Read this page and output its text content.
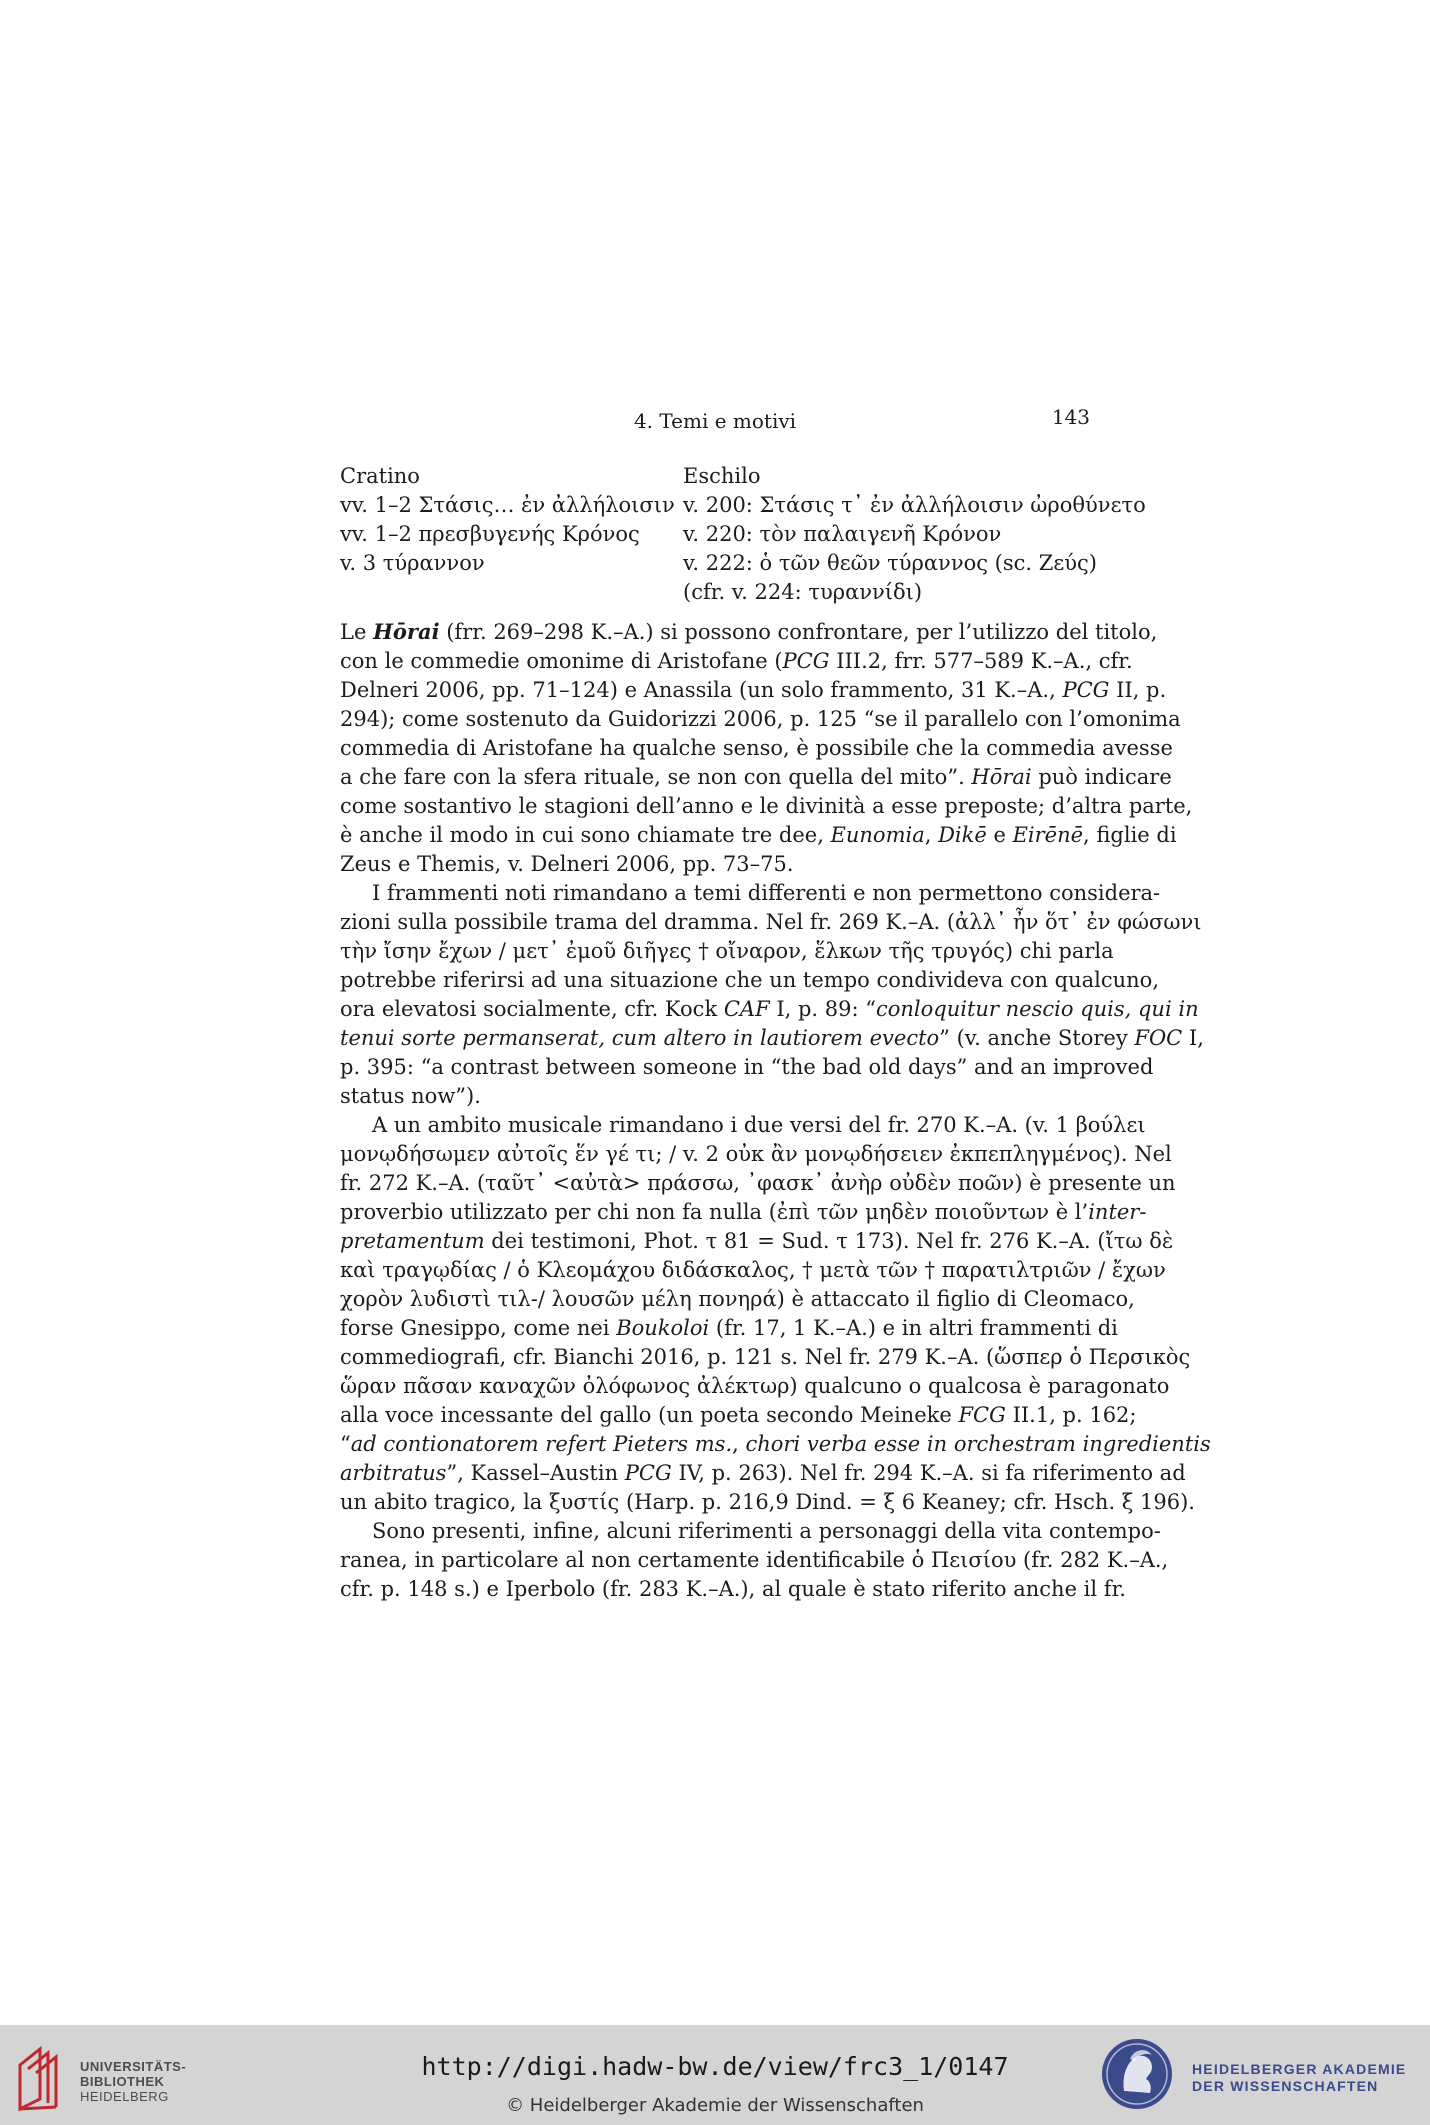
4. Temi e motivi	143
Cratino
vv. 1–2 Στάσις… ἐν ἀλλήλοισιν
vv. 1–2 πρεσβυγενής Κρόνος
v. 3 τύραννον
Eschilo
v. 200: Στάσις τ᾽ ἐν ἀλλήλοισιν ὠροθύνετο
v. 220: τὸν παλαιγενῆ Κρόνον
v. 222: ὁ τῶν θεῶν τύραννος (sc. Ζεύς)
(cfr. v. 224: τυραννίδι)

Le Hōrai (frr. 269–298 K.–A.) si possono confrontare, per l’utilizzo del titolo,
con le commedie omonime di Aristofane (PCG III.2, frr. 577–589 K.–A., cfr.
Delneri 2006, pp. 71–124) e Anassila (un solo frammento, 31 K.–A., PCG II, p.
294); come sostenuto da Guidorizzi 2006, p. 125 “se il parallelo con l’omonima
commedia di Aristofane ha qualche senso, è possibile che la commedia avesse
a che fare con la sfera rituale, se non con quella del mito”. Hōrai può indicare
come sostantivo le stagioni dell’anno e le divinità a esse preposte; d’altra parte,
è anche il modo in cui sono chiamate tre dee, Eunomia, Dikē e Eirēnē, figlie di
Zeus e Themis, v. Delneri 2006, pp. 73–75.

I frammenti noti rimandano a temi differenti e non permettono considera-
zioni sulla possibile trama del dramma. Nel fr. 269 K.–A. (ἀλλ᾽ ἦν ὅτ᾽ ἐν φώσωνι
τὴν ἴσην ἔχων / μετ᾽ ἐμοῦ διῆγες † οἴναρον, ἕλκων τῆς τρυγός) chi parla
potrebbe riferirsi ad una situazione che un tempo condivideva con qualcuno,
ora elevatosi socialmente, cfr. Kock CAF I, p. 89: “conloquitur nescio quis, qui in
tenui sorte permanserat, cum altero in lautiorem evecto” (v. anche Storey FOC I,
p. 395: “a contrast between someone in “the bad old days” and an improved
status now”).

A un ambito musicale rimandano i due versi del fr. 270 K.–A. (v. 1 βούλει
μονῳδήσωμεν αὐτοῖς ἕν γέ τι; / v. 2 οὐκ ἂν μονῳδήσειεν ἐκπεπληγμένος). Nel
fr. 272 K.–A. (ταῦτ᾽ <αὐτὰ> πράσσω, ᾽φασκ᾽ ἀνὴρ οὐδὲν ποῶν) è presente un
proverbio utilizzato per chi non fa nulla (ἐπὶ τῶν μηδὲν ποιοῦντων è l’inter-
pretamentum dei testimoni, Phot. τ 81 = Sud. τ 173). Nel fr. 276 K.–A. (ἴτω δὲ
καὶ τραγῳδίας / ὁ Κλεομάχου διδάσκαλος, † μετὰ τῶν † παρατιλτριῶν / ἔχων
χορὸν λυδιστὶ τιλ-/ λουσῶν μέλη πονηρά) è attaccato il figlio di Cleomaco,
forse Gnesippo, come nei Boukoloi (fr. 17, 1 K.–A.) e in altri frammenti di
commediografi, cfr. Bianchi 2016, p. 121 s. Nel fr. 279 K.–A. (ὥσπερ ὁ Περσικὸς
ὥραν πᾶσαν καναχῶν ὀλόφωνος ἀλέκτωρ) qualcuno o qualcosa è paragonato
alla voce incessante del gallo (un poeta secondo Meineke FCG II.1, p. 162;
“ad contionatorem refert Pieters ms., chori verba esse in orchestram ingredientis
arbitratus”, Kassel–Austin PCG IV, p. 263). Nel fr. 294 K.–A. si fa riferimento ad
un abito tragico, la ξυστίς (Harp. p. 216,9 Dind. = ξ 6 Keaney; cfr. Hsch. ξ 196).

Sono presenti, infine, alcuni riferimenti a personaggi della vita contempo-
ranea, in particolare al non certamente identificabile ὁ Πεισίου (fr. 282 K.–A.,
cfr. p. 148 s.) e Iperbolo (fr. 283 K.–A.), al quale è stato riferito anche il fr.

UNIVERSITÄTS-
BIBLIOTHEK
HEIDELBERG
http://digi.hadw-bw.de/view/frc3_1/0147
© Heidelberger Akademie der Wissenschaften
HEIDELBERGER AKADEMIE
DER WISSENSCHAFTEN
